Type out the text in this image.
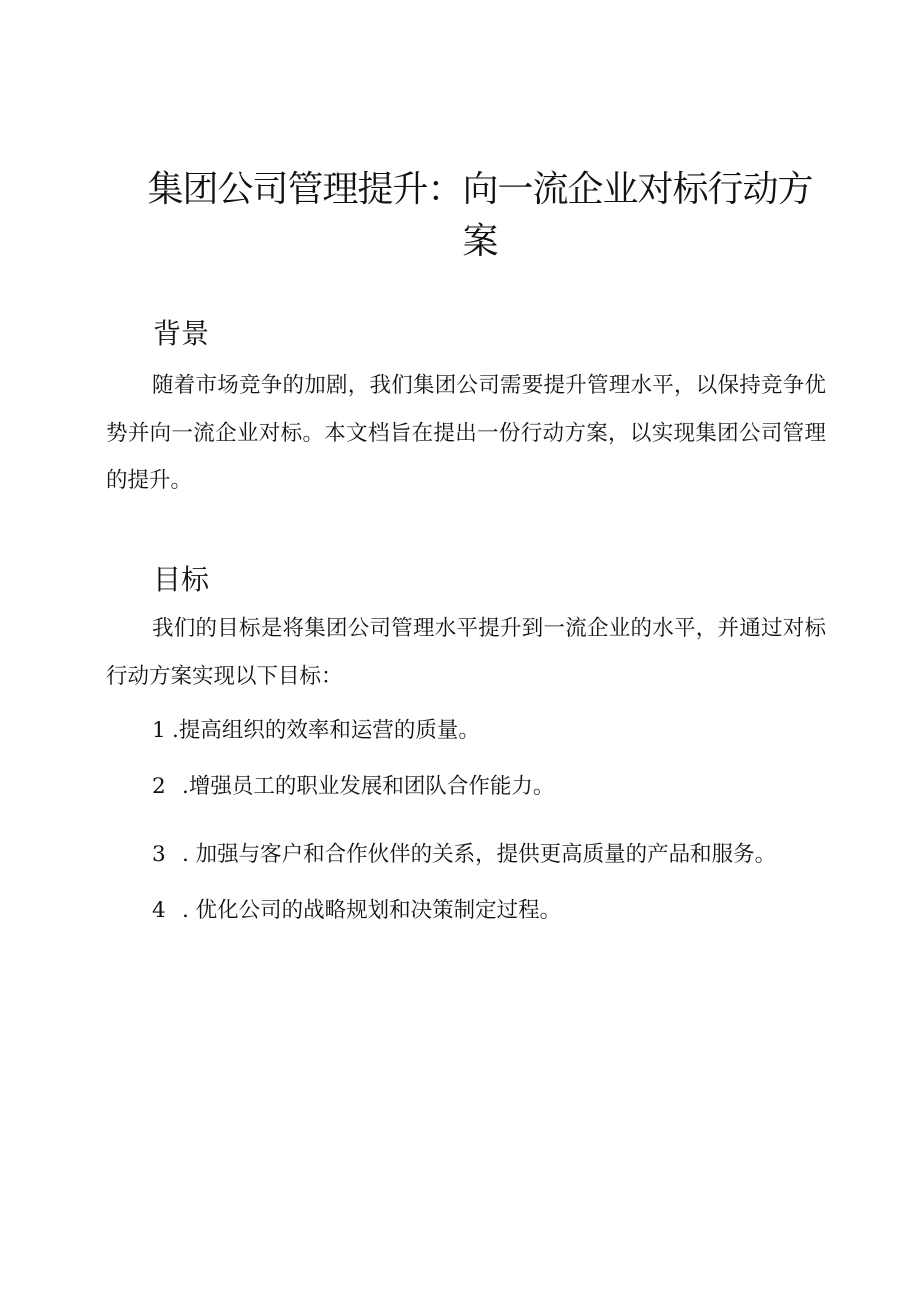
集团公司管理提升：向一流企业对标行动方案
背景

随着市场竞争的加剧，我们集团公司需要提升管理水平，以保持竞争优势并向一流企业对标。本文档旨在提出一份行动方案，以实现集团公司管理的提升。

目标

我们的目标是将集团公司管理水平提升到一流企业的水平，并通过对标行动方案实现以下目标：

1 .提高组织的效率和运营的质量。
2 .增强员工的职业发展和团队合作能力。
3 . 加强与客户和合作伙伴的关系，提供更高质量的产品和服务。
4 . 优化公司的战略规划和决策制定过程。
